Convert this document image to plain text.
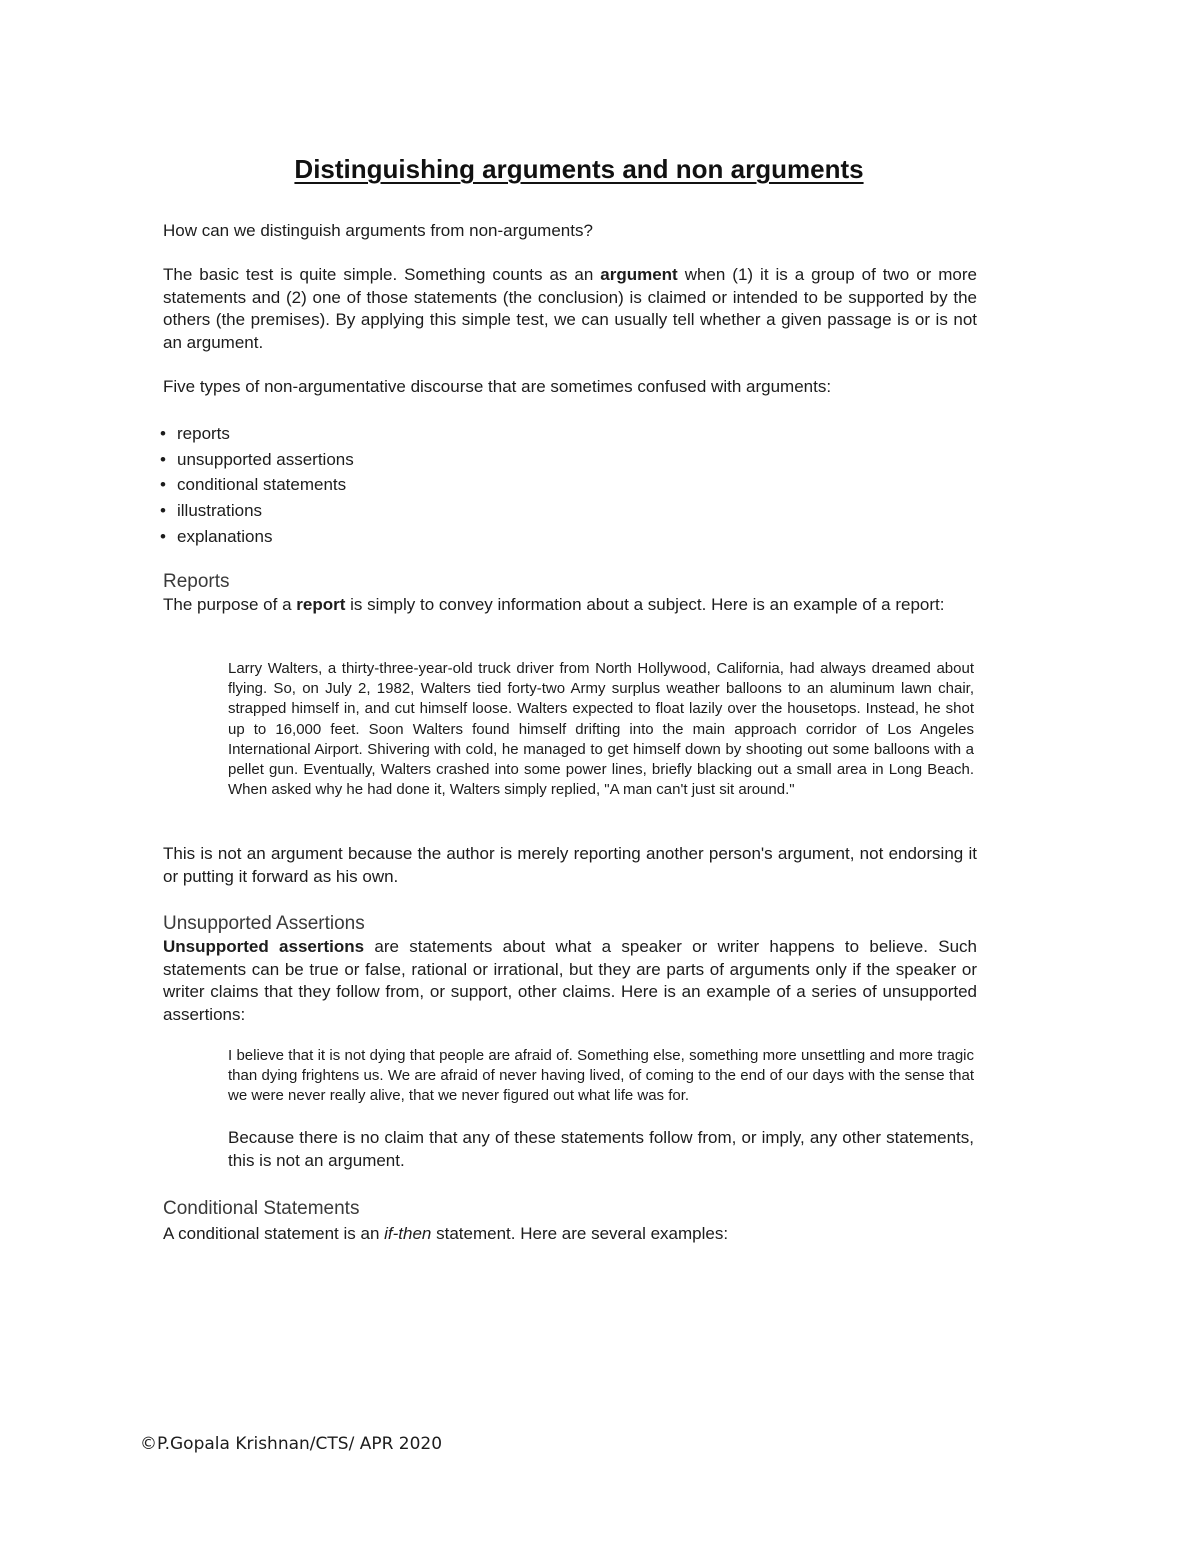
Distinguishing arguments and non arguments
How can we distinguish arguments from non-arguments?
The basic test is quite simple. Something counts as an argument when (1) it is a group of two or more statements and (2) one of those statements (the conclusion) is claimed or intended to be supported by the others (the premises). By applying this simple test, we can usually tell whether a given passage is or is not an argument.
Five types of non-argumentative discourse that are sometimes confused with arguments:
• reports
• unsupported assertions
• conditional statements
• illustrations
• explanations
Reports
The purpose of a report is simply to convey information about a subject. Here is an example of a report:
Larry Walters, a thirty-three-year-old truck driver from North Hollywood, California, had always dreamed about flying. So, on July 2, 1982, Walters tied forty-two Army surplus weather balloons to an aluminum lawn chair, strapped himself in, and cut himself loose. Walters expected to float lazily over the housetops. Instead, he shot up to 16,000 feet. Soon Walters found himself drifting into the main approach corridor of Los Angeles International Airport. Shivering with cold, he managed to get himself down by shooting out some balloons with a pellet gun. Eventually, Walters crashed into some power lines, briefly blacking out a small area in Long Beach. When asked why he had done it, Walters simply replied, "A man can't just sit around."
This is not an argument because the author is merely reporting another person's argument, not endorsing it or putting it forward as his own.
Unsupported Assertions
Unsupported assertions are statements about what a speaker or writer happens to believe. Such statements can be true or false, rational or irrational, but they are parts of arguments only if the speaker or writer claims that they follow from, or support, other claims. Here is an example of a series of unsupported assertions:
I believe that it is not dying that people are afraid of. Something else, something more unsettling and more tragic than dying frightens us. We are afraid of never having lived, of coming to the end of our days with the sense that we were never really alive, that we never figured out what life was for.
Because there is no claim that any of these statements follow from, or imply, any other statements, this is not an argument.
Conditional Statements
A conditional statement is an if-then statement. Here are several examples:
©P.Gopala Krishnan/CTS/ APR 2020
